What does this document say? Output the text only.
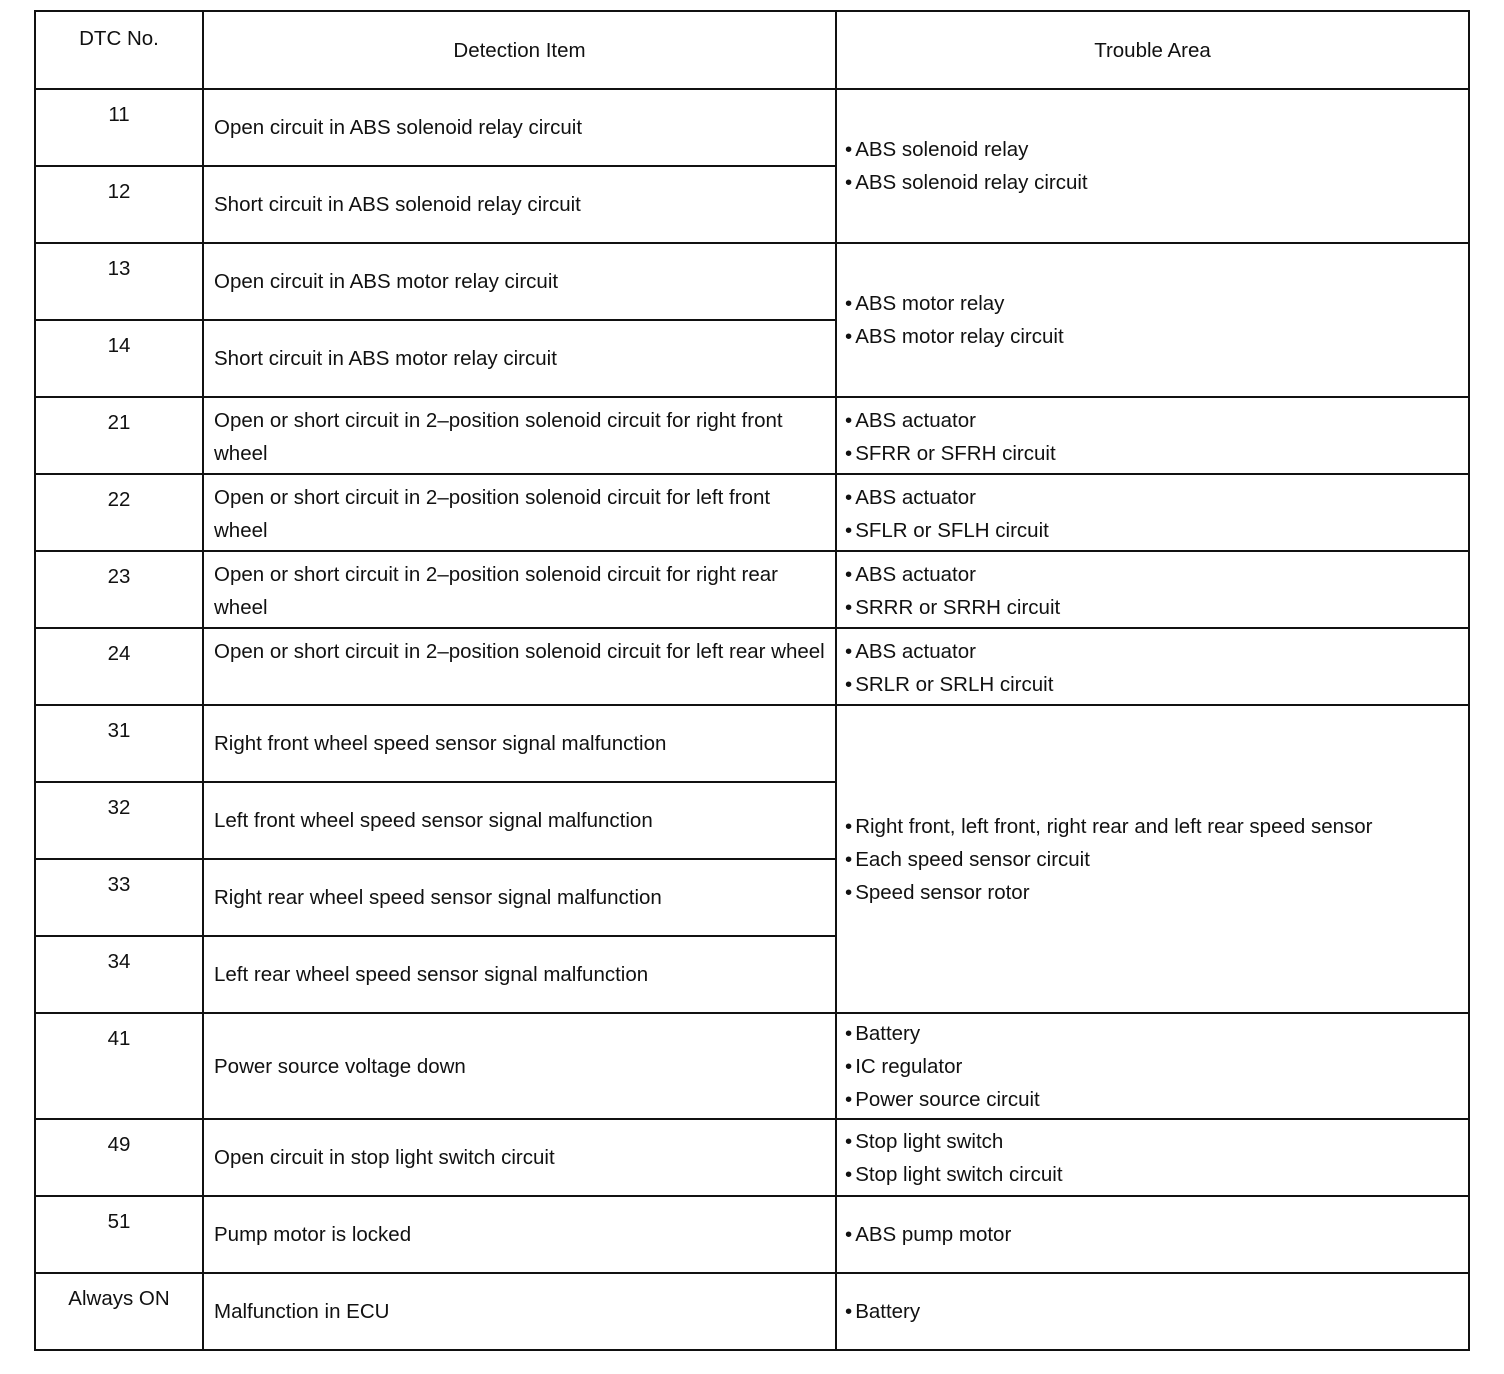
DTC No.	Detection Item	Trouble Area
11	Open circuit in ABS solenoid relay circuit	• ABS solenoid relay
• ABS solenoid relay circuit

12	Short circuit in ABS solenoid relay circuit	
13	Open circuit in ABS motor relay circuit	• ABS motor relay
• ABS motor relay circuit

14	Short circuit in ABS motor relay circuit	
21	Open or short circuit in 2–position solenoid circuit for right front wheel	• ABS actuator
• SFRR or SFRH circuit

22	Open or short circuit in 2–position solenoid circuit for left front wheel	• ABS actuator
• SFLR or SFLH circuit

23	Open or short circuit in 2–position solenoid circuit for right rear wheel	• ABS actuator
• SRRR or SRRH circuit

24	Open or short circuit in 2–position solenoid circuit for left rear wheel	• ABS actuator
• SRLR or SRLH circuit

31	Right front wheel speed sensor signal malfunction	• Right front, left front, right rear and left rear speed sensor
• Each speed sensor circuit
• Speed sensor rotor

32	Left front wheel speed sensor signal malfunction	
33	Right rear wheel speed sensor signal malfunction	
34	Left rear wheel speed sensor signal malfunction	
41	Power source voltage down	• Battery
• IC regulator
• Power source circuit

49	Open circuit in stop light switch circuit	• Stop light switch
• Stop light switch circuit

51	Pump motor is locked	• ABS pump motor

Always ON	Malfunction in ECU	• Battery
